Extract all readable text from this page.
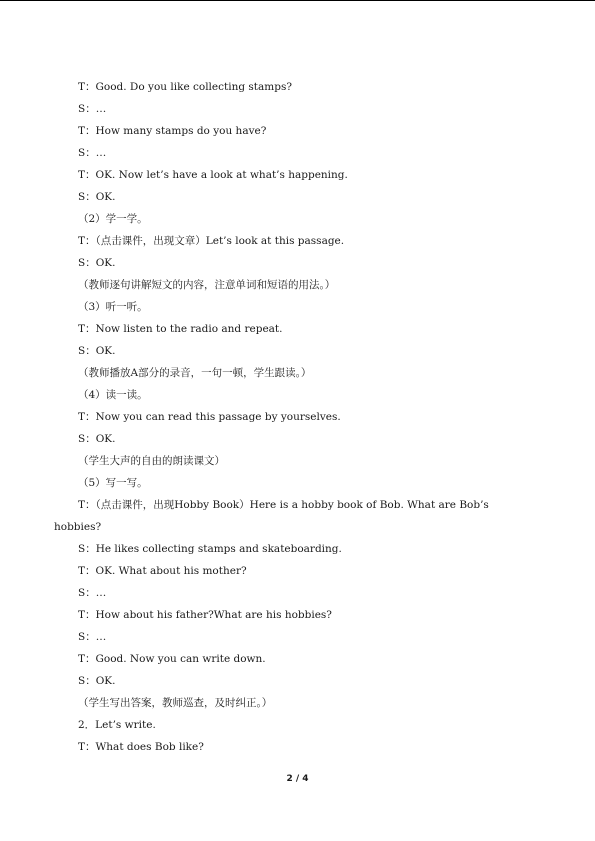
T：Good. Do you like collecting stamps?
S：…
T：How many stamps do you have?
S：…
T：OK. Now let’s have a look at what’s happening.
S：OK.
（2）学一学。
T：（点击课件，出现文章）Let’s look at this passage.
S：OK.
（教师逐句讲解短文的内容，注意单词和短语的用法。）
（3）听一听。
T：Now listen to the radio and repeat.
S：OK.
（教师播放A部分的录音，一句一顿，学生跟读。）
（4）读一读。
T：Now you can read this passage by yourselves.
S：OK.
（学生大声的自由的朗读课文）
（5）写一写。
T：（点击课件，出现Hobby Book）Here is a hobby book of Bob. What are Bob’s
hobbies?
S：He likes collecting stamps and skateboarding.
T：OK. What about his mother?
S：…
T：How about his father?What are his hobbies?
S：…
T：Good. Now you can write down.
S：OK.
（学生写出答案，教师巡查，及时纠正。）
2．Let’s write.
T：What does Bob like?
2 / 4
